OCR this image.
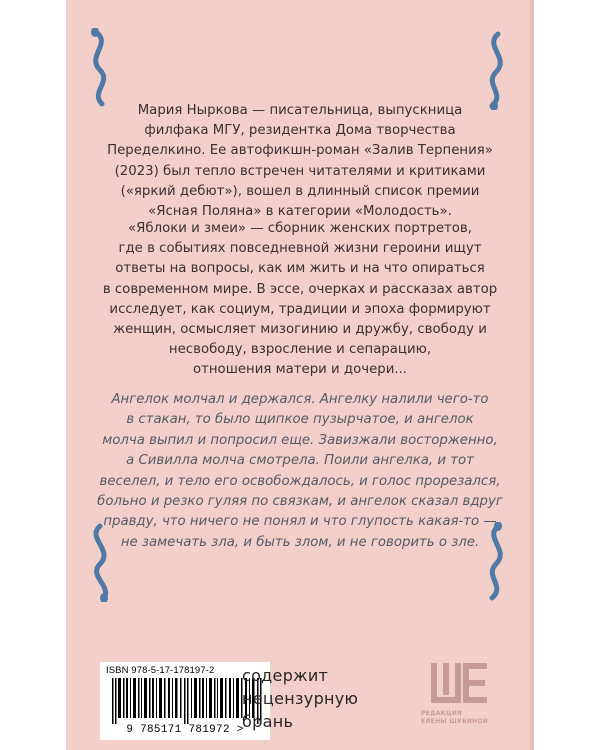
Мария Ныркова — писательница, выпускница
филфака МГУ, резидентка Дома творчества
Переделкино. Ее автофикшн-роман «Залив Терпения»
(2023) был тепло встречен читателями и критиками
(«яркий дебют»), вошел в длинный список премии
«Ясная Поляна» в категории «Молодость».

«Яблоки и змеи» — сборник женских портретов,
где в событиях повседневной жизни героини ищут
ответы на вопросы, как им жить и на что опираться
в современном мире. В эссе, очерках и рассказах автор
исследует, как социум, традиции и эпоха формируют
женщин, осмысляет мизогинию и дружбу, свободу и
несвободу, взросление и сепарацию,
отношения матери и дочери...

Ангелок молчал и держался. Ангелку налили чего-то
в стакан, то было щипкое пузырчатое, и ангелок
молча выпил и попросил еще. Завизжали восторженно,
а Сивилла молча смотрела. Поили ангелка, и тот
веселел, и тело его освобождалось, и голос прорезался,
больно и резко гуляя по связкам, и ангелок сказал вдруг
правду, что ничего не понял и что глупость какая-то —
не замечать зла, и быть злом, и не говорить о зле.

ISBN 978-5-17-178197-2
9 785171 781972 >
содержит
нецензурную
брань	РЕДАКЦИЯ
ЕЛЕНЫ ШУБИНОЙ
